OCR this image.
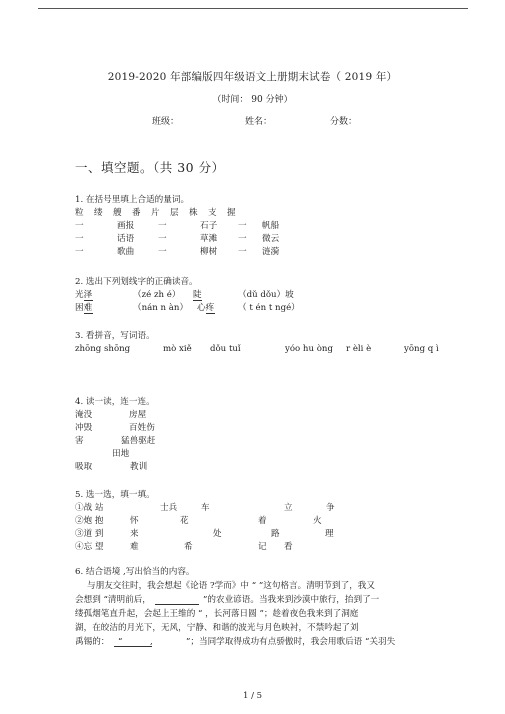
2019-2020 年部编版四年级语文上册期末试卷（ 2019 年）
（时间： 90 分钟）
班级：	姓名：	分数：
一、填空题。（共 30 分）
1. 在括号里填上合适的量词。
粒 缕 艘 番 片 层 株 支 握
一	画报	一	石子 一 帆船
一	话语	一	草滩 一 微云
一	歌曲	一	柳树 一 涟漪
2. 选出下列划线字的正确读音。
光泽	（zé zh é） 陡	（dǔ dǒu）坡
困难	（nán n àn） 心疼	（ t én t ngé）
3. 看拼音，写词语。
zhōng shōng	mò xiě dǒu tuǐ	yóo hu òng r èli è	yōng q ì
4. 读一读，连一连。
淹没	房屋
冲毁	百姓伤
害	猛兽驱赶
田地
吸取	教训
5. 选一选，填一填。
①战 站	士兵	车	立	争
②炮 抱	怀	花	着	火
③道 到	来	处	路	理
④忘 望	难	希	记 看
6. 结合语境 ,写出恰当的内容。
与朋友交往时，我会想起《论语 ?学而》中 “ ”这句格言。清明节到了，我又
会想到 “清明前后，	”的农业谚语。当我来到沙漠中旅行，抬到了一
缕孤烟笔直升起，会起上王维的 “ ，长河落日圆 ”；趁着夜色我来到了洞庭
湖，在皎洁的月光下，无风，宁静、和谐的波光与月色映衬，不禁吟起了刘
禹锡的： “	,	”；当同学取得成功有点骄傲时，我会用歌后语 “关羽失
1 / 5
